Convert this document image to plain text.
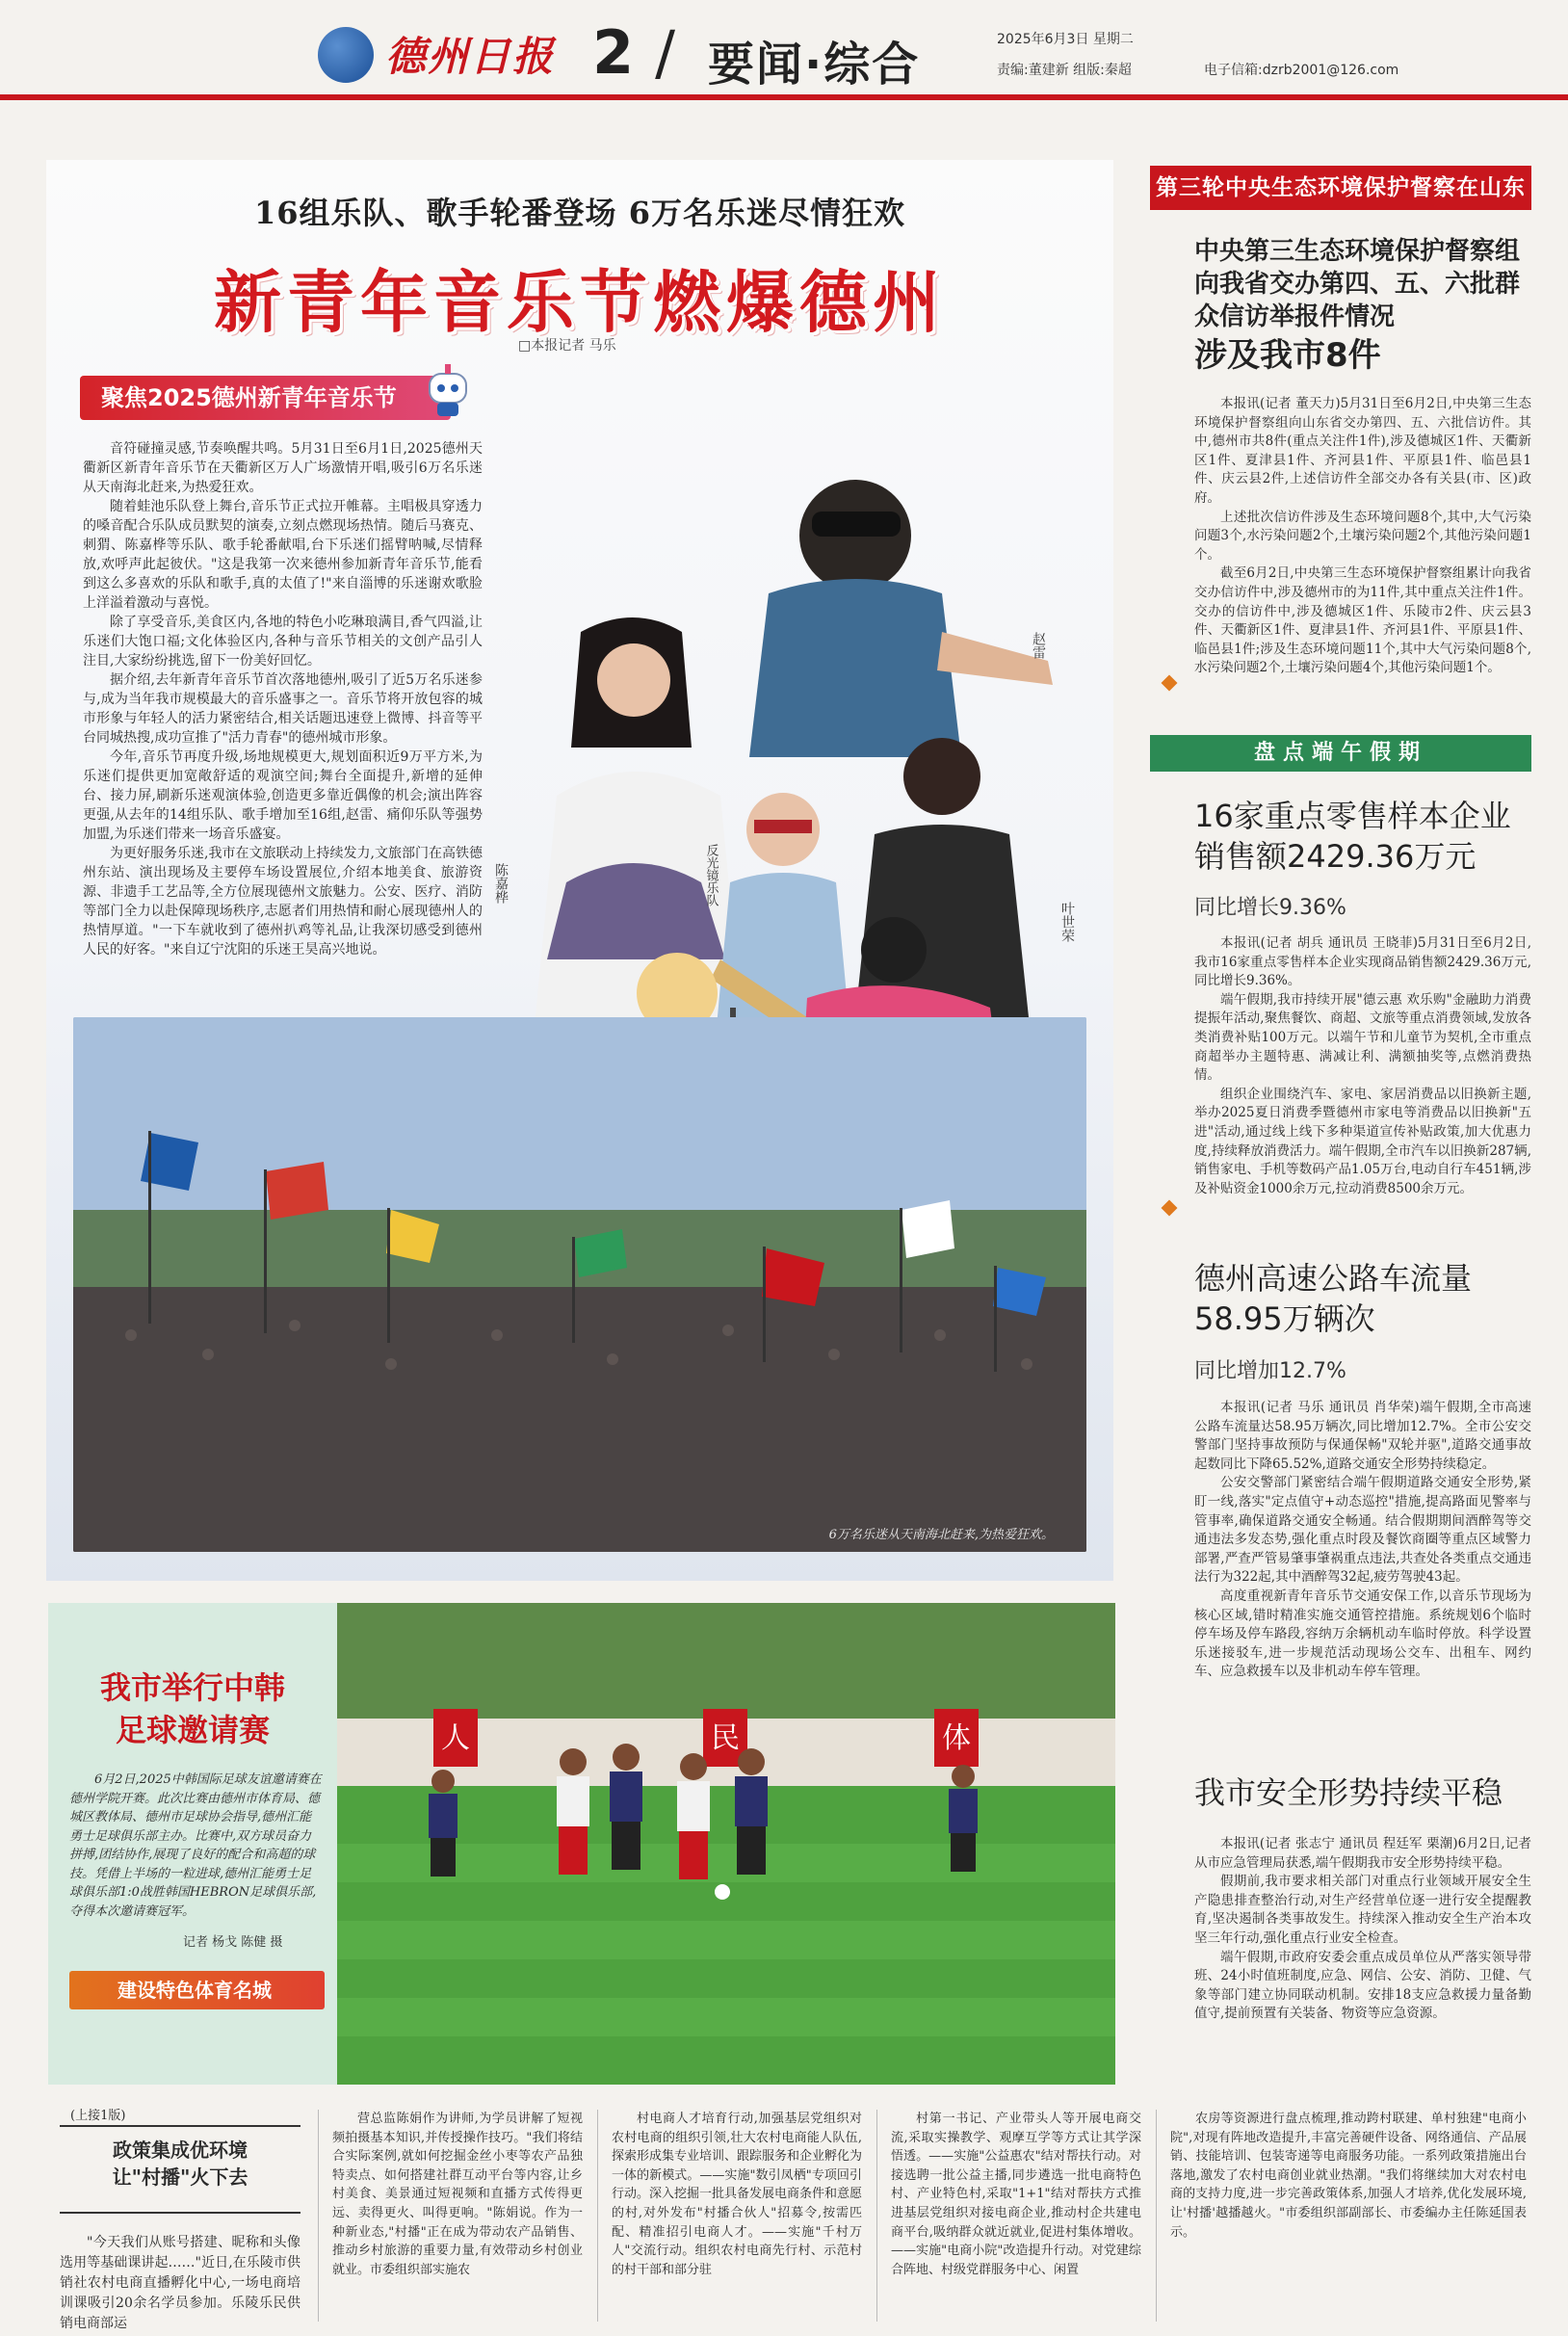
德州日报 2 / 要闻·综合	2025年6月3日 星期二
责编:董建新 组版:秦超	电子信箱:dzrb2001@126.com
16组乐队、歌手轮番登场 6万名乐迷尽情狂欢
新青年音乐节燃爆德州
□本报记者 马乐
聚焦2025德州新青年音乐节

音符碰撞灵感,节奏唤醒共鸣。5月31日至6月1日,2025德州天衢新区新青年音乐节在天衢新区万人广场激情开唱,吸引6万名乐迷从天南海北赶来,为热爱狂欢。

随着蛙池乐队登上舞台,音乐节正式拉开帷幕。主唱极具穿透力的嗓音配合乐队成员默契的演奏,立刻点燃现场热情。随后马赛克、刺猬、陈嘉桦等乐队、歌手轮番献唱,台下乐迷们摇臂呐喊,尽情释放,欢呼声此起彼伏。"这是我第一次来德州参加新青年音乐节,能看到这么多喜欢的乐队和歌手,真的太值了!"来自淄博的乐迷谢欢歌脸上洋溢着激动与喜悦。

除了享受音乐,美食区内,各地的特色小吃琳琅满目,香气四溢,让乐迷们大饱口福;文化体验区内,各种与音乐节相关的文创产品引人注目,大家纷纷挑选,留下一份美好回忆。

据介绍,去年新青年音乐节首次落地德州,吸引了近5万名乐迷参与,成为当年我市规模最大的音乐盛事之一。音乐节将开放包容的城市形象与年轻人的活力紧密结合,相关话题迅速登上微博、抖音等平台同城热搜,成功宣推了"活力青春"的德州城市形象。

今年,音乐节再度升级,场地规模更大,规划面积近9万平方米,为乐迷们提供更加宽敞舒适的观演空间;舞台全面提升,新增的延伸台、接力屏,刷新乐迷观演体验,创造更多靠近偶像的机会;演出阵容更强,从去年的14组乐队、歌手增加至16组,赵雷、痛仰乐队等强势加盟,为乐迷们带来一场音乐盛宴。

为更好服务乐迷,我市在文旅联动上持续发力,文旅部门在高铁德州东站、演出现场及主要停车场设置展位,介绍本地美食、旅游资源、非遗手工艺品等,全方位展现德州文旅魅力。公安、医疗、消防等部门全力以赴保障现场秩序,志愿者们用热情和耐心展现德州人的热情厚道。"一下车就收到了德州扒鸡等礼品,让我深切感受到德州人民的好客。"来自辽宁沈阳的乐迷王昊高兴地说。

赵雷
陈嘉桦	反光镜乐队
叶世荣
6万名乐迷从天南海北赶来,为热爱狂欢。
第三轮中央生态环境保护督察在山东
中央第三生态环境保护督察组向我省交办第四、五、六批群众信访举报件情况
涉及我市8件

本报讯(记者 董天力)5月31日至6月2日,中央第三生态环境保护督察组向山东省交办第四、五、六批信访件。其中,德州市共8件(重点关注件1件),涉及德城区1件、天衢新区1件、夏津县1件、齐河县1件、平原县1件、临邑县1件、庆云县2件,上述信访件全部交办各有关县(市、区)政府。

上述批次信访件涉及生态环境问题8个,其中,大气污染问题3个,水污染问题2个,土壤污染问题2个,其他污染问题1个。

截至6月2日,中央第三生态环境保护督察组累计向我省交办信访件中,涉及德州市的为11件,其中重点关注件1件。交办的信访件中,涉及德城区1件、乐陵市2件、庆云县3件、天衢新区1件、夏津县1件、齐河县1件、平原县1件、临邑县1件;涉及生态环境问题11个,其中大气污染问题8个,水污染问题2个,土壤污染问题4个,其他污染问题1个。

盘点端午假期
16家重点零售样本企业销售额2429.36万元
同比增长9.36%

本报讯(记者 胡兵 通讯员 王晓菲)5月31日至6月2日,我市16家重点零售样本企业实现商品销售额2429.36万元,同比增长9.36%。

端午假期,我市持续开展"德云惠 欢乐购"金融助力消费提振年活动,聚焦餐饮、商超、文旅等重点消费领域,发放各类消费补贴100万元。以端午节和儿童节为契机,全市重点商超举办主题特惠、满减让利、满额抽奖等,点燃消费热情。

组织企业围绕汽车、家电、家居消费品以旧换新主题,举办2025夏日消费季暨德州市家电等消费品以旧换新"五进"活动,通过线上线下多种渠道宣传补贴政策,加大优惠力度,持续释放消费活力。端午假期,全市汽车以旧换新287辆,销售家电、手机等数码产品1.05万台,电动自行车451辆,涉及补贴资金1000余万元,拉动消费8500余万元。

德州高速公路车流量58.95万辆次
同比增加12.7%

本报讯(记者 马乐 通讯员 肖华荣)端午假期,全市高速公路车流量达58.95万辆次,同比增加12.7%。全市公安交警部门坚持事故预防与保通保畅"双轮并驱",道路交通事故起数同比下降65.52%,道路交通安全形势持续稳定。

公安交警部门紧密结合端午假期道路交通安全形势,紧盯一线,落实"定点值守+动态巡控"措施,提高路面见警率与管事率,确保道路交通安全畅通。结合假期期间酒醉驾等交通违法多发态势,强化重点时段及餐饮商圈等重点区域警力部署,严查严管易肇事肇祸重点违法,共查处各类重点交通违法行为322起,其中酒醉驾32起,疲劳驾驶43起。

高度重视新青年音乐节交通安保工作,以音乐节现场为核心区域,错时精准实施交通管控措施。系统规划6个临时停车场及停车路段,容纳万余辆机动车临时停放。科学设置乐迷接驳车,进一步规范活动现场公交车、出租车、网约车、应急救援车以及非机动车停车管理。

我市安全形势持续平稳

本报讯(记者 张志宁 通讯员 程廷军 栗潮)6月2日,记者从市应急管理局获悉,端午假期我市安全形势持续平稳。

假期前,我市要求相关部门对重点行业领域开展安全生产隐患排查整治行动,对生产经营单位逐一进行安全提醒教育,坚决遏制各类事故发生。持续深入推动安全生产治本攻坚三年行动,强化重点行业安全检查。

端午假期,市政府安委会重点成员单位从严落实领导带班、24小时值班制度,应急、网信、公安、消防、卫健、气象等部门建立协同联动机制。安排18支应急救援力量备勤值守,提前预置有关装备、物资等应急资源。

我市举行中韩
足球邀请赛

6月2日,2025中韩国际足球友谊邀请赛在德州学院开赛。此次比赛由德州市体育局、德城区教体局、德州市足球协会指导,德州汇能勇士足球俱乐部主办。比赛中,双方球员奋力拼搏,团结协作,展现了良好的配合和高超的球技。凭借上半场的一粒进球,德州汇能勇士足球俱乐部1:0战胜韩国HEBRON足球俱乐部,夺得本次邀请赛冠军。

记者 杨戈 陈健 摄
建设特色体育名城
人	民	体
(上接1版)
政策集成优环境
让"村播"火下去

"今天我们从账号搭建、昵称和头像选用等基础课讲起……"近日,在乐陵市供销社农村电商直播孵化中心,一场电商培训课吸引20余名学员参加。乐陵乐民供销电商部运

营总监陈娟作为讲师,为学员讲解了短视频拍摄基本知识,并传授操作技巧。"我们将结合实际案例,就如何挖掘金丝小枣等农产品独特卖点、如何搭建社群互动平台等内容,让乡村美食、美景通过短视频和直播方式传得更远、卖得更火、叫得更响。"陈娟说。作为一种新业态,"村播"正在成为带动农产品销售、推动乡村旅游的重要力量,有效带动乡村创业就业。市委组织部实施农

村电商人才培育行动,加强基层党组织对农村电商的组织引领,壮大农村电商能人队伍,探索形成集专业培训、跟踪服务和企业孵化为一体的新模式。——实施"数引凤栖"专项回引行动。深入挖掘一批具备发展电商条件和意愿的村,对外发布"村播合伙人"招募令,按需匹配、精准招引电商人才。——实施"千村万人"交流行动。组织农村电商先行村、示范村的村干部和部分驻

村第一书记、产业带头人等开展电商交流,采取实操教学、观摩互学等方式让其学深悟透。——实施"公益惠农"结对帮扶行动。对接选聘一批公益主播,同步遴选一批电商特色村、产业特色村,采取"1+1"结对帮扶方式推进基层党组织对接电商企业,推动村企共建电商平台,吸纳群众就近就业,促进村集体增收。——实施"电商小院"改造提升行动。对党建综合阵地、村级党群服务中心、闲置

农房等资源进行盘点梳理,推动跨村联建、单村独建"电商小院",对现有阵地改造提升,丰富完善硬件设备、网络通信、产品展销、技能培训、包装寄递等电商服务功能。一系列政策措施出台落地,激发了农村电商创业就业热潮。"我们将继续加大对农村电商的支持力度,进一步完善政策体系,加强人才培养,优化发展环境,让'村播'越播越火。"市委组织部副部长、市委编办主任陈延国表示。
